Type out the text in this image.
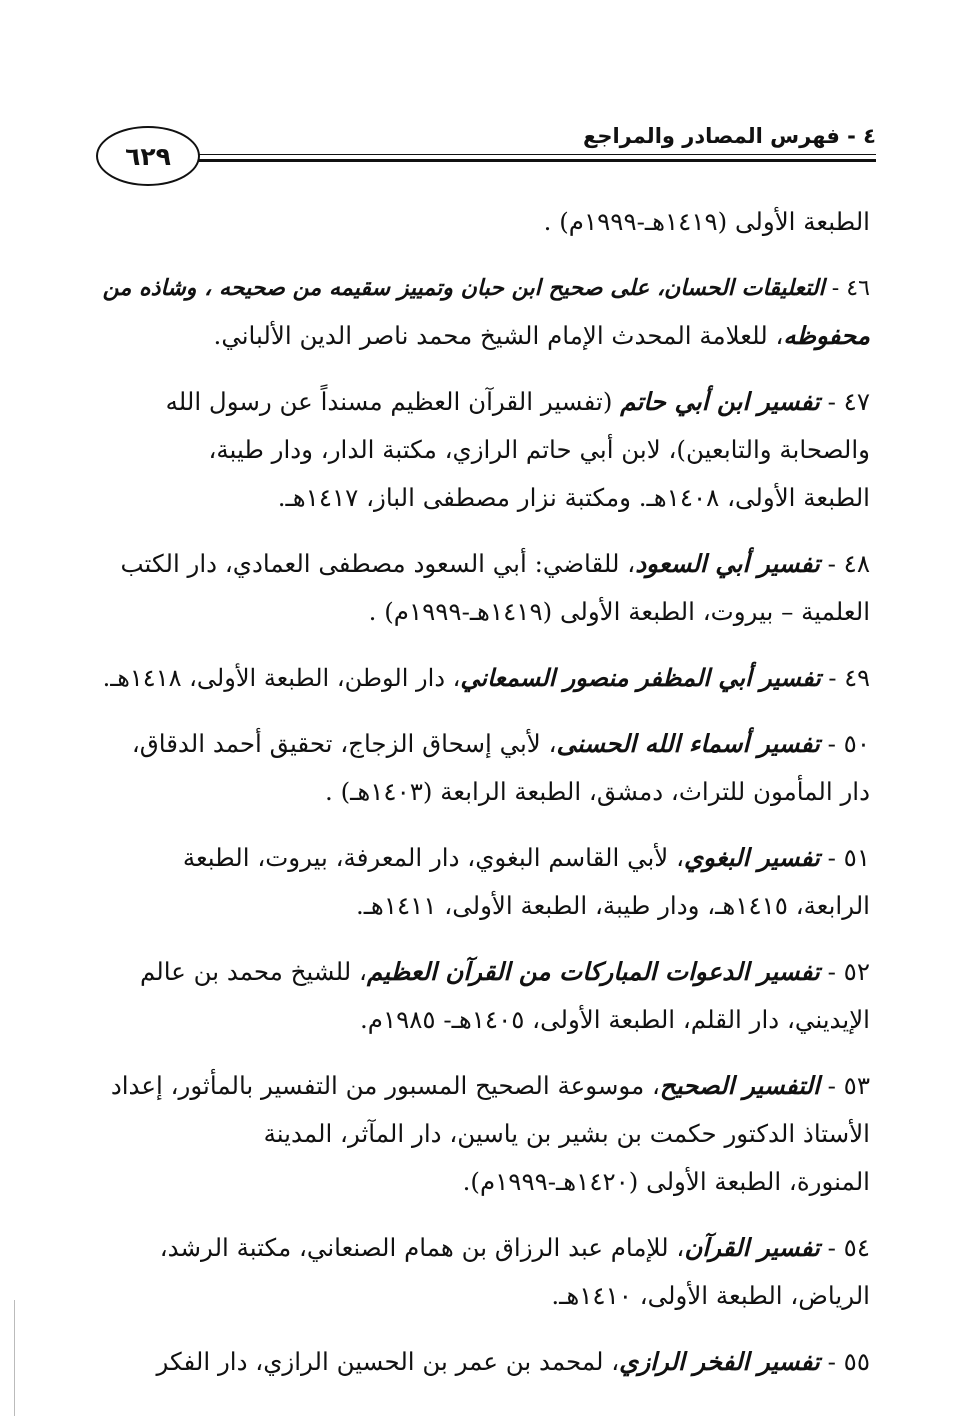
٤ - فهرس المصادر والمراجع
٦٢٩
الطبعة الأولى (١٤١٩هـ-١٩٩٩م) .
٤٦ - التعليقات الحسان، على صحيح ابن حبان وتمييز سقيمه من صحيحه ، وشاذه من
محفوظه، للعلامة المحدث الإمام الشيخ محمد ناصر الدين الألباني.
٤٧ - تفسير ابن أبي حاتم (تفسير القرآن العظيم مسنداً عن رسول الله
والصحابة والتابعين)، لابن أبي حاتم الرازي، مكتبة الدار، ودار طيبة،
الطبعة الأولى، ١٤٠٨هـ. ومكتبة نزار مصطفى الباز، ١٤١٧هـ.
٤٨ - تفسير أبي السعود، للقاضي: أبي السعود مصطفى العمادي، دار الكتب
العلمية – بيروت، الطبعة الأولى (١٤١٩هـ-١٩٩٩م) .
٤٩ - تفسير أبي المظفر منصور السمعاني، دار الوطن، الطبعة الأولى، ١٤١٨هـ.
٥٠ - تفسير أسماء الله الحسنى، لأبي إسحاق الزجاج، تحقيق أحمد الدقاق،
دار المأمون للتراث، دمشق، الطبعة الرابعة (١٤٠٣هـ) .
٥١ - تفسير البغوي، لأبي القاسم البغوي، دار المعرفة، بيروت، الطبعة
الرابعة، ١٤١٥هـ، ودار طيبة، الطبعة الأولى، ١٤١١هـ.
٥٢ - تفسير الدعوات المباركات من القرآن العظيم، للشيخ محمد بن عالم
الإيديني، دار القلم، الطبعة الأولى، ١٤٠٥هـ- ١٩٨٥م.
٥٣ - التفسير الصحيح، موسوعة الصحيح المسبور من التفسير بالمأثور، إعداد
الأستاذ الدكتور حكمت بن بشير بن ياسين، دار المآثر، المدينة
المنورة، الطبعة الأولى (١٤٢٠هـ-١٩٩٩م).
٥٤ - تفسير القرآن، للإمام عبد الرزاق بن همام الصنعاني، مكتبة الرشد،
الرياض، الطبعة الأولى، ١٤١٠هـ.
٥٥ - تفسير الفخر الرازي، لمحمد بن عمر بن الحسين الرازي، دار الفكر
